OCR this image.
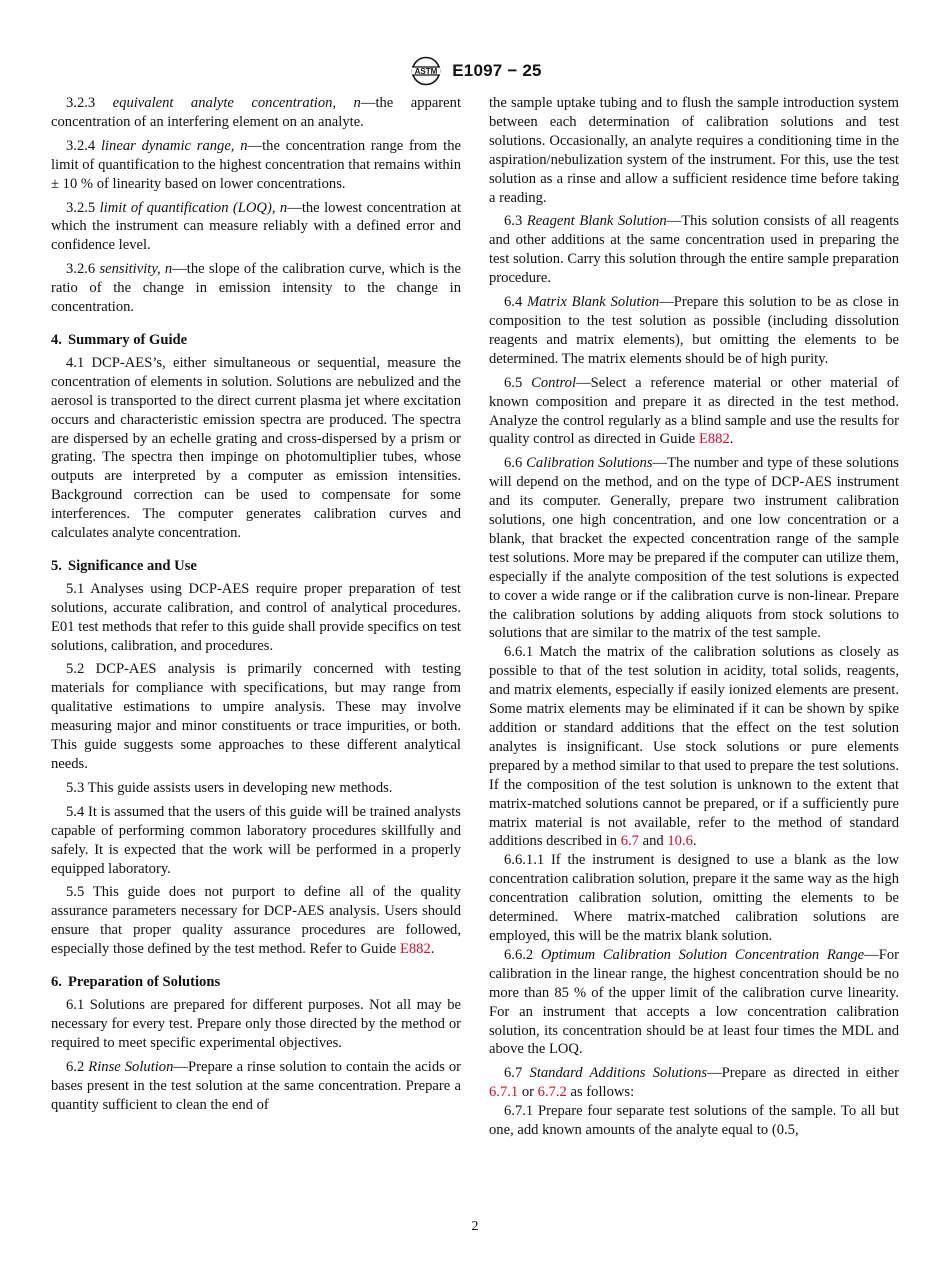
ASTM E1097 − 25

3.2.3 equivalent analyte concentration, n—the apparent concentration of an interfering element on an analyte.

3.2.4 linear dynamic range, n—the concentration range from the limit of quantification to the highest concentration that remains within ± 10 % of linearity based on lower concentrations.

3.2.5 limit of quantification (LOQ), n—the lowest concentration at which the instrument can measure reliably with a defined error and confidence level.

3.2.6 sensitivity, n—the slope of the calibration curve, which is the ratio of the change in emission intensity to the change in concentration.

4. Summary of Guide

4.1 DCP-AES’s, either simultaneous or sequential, measure the concentration of elements in solution. Solutions are nebulized and the aerosol is transported to the direct current plasma jet where excitation occurs and characteristic emission spectra are produced. The spectra are dispersed by an echelle grating and cross-dispersed by a prism or grating. The spectra then impinge on photomultiplier tubes, whose outputs are interpreted by a computer as emission intensities. Background correction can be used to compensate for some interferences. The computer generates calibration curves and calculates analyte concentration.

5. Significance and Use

5.1 Analyses using DCP-AES require proper preparation of test solutions, accurate calibration, and control of analytical procedures. E01 test methods that refer to this guide shall provide specifics on test solutions, calibration, and procedures.

5.2 DCP-AES analysis is primarily concerned with testing materials for compliance with specifications, but may range from qualitative estimations to umpire analysis. These may involve measuring major and minor constituents or trace impurities, or both. This guide suggests some approaches to these different analytical needs.

5.3 This guide assists users in developing new methods.

5.4 It is assumed that the users of this guide will be trained analysts capable of performing common laboratory procedures skillfully and safely. It is expected that the work will be performed in a properly equipped laboratory.

5.5 This guide does not purport to define all of the quality assurance parameters necessary for DCP-AES analysis. Users should ensure that proper quality assurance procedures are followed, especially those defined by the test method. Refer to Guide E882.

6. Preparation of Solutions

6.1 Solutions are prepared for different purposes. Not all may be necessary for every test. Prepare only those directed by the method or required to meet specific experimental objectives.

6.2 Rinse Solution—Prepare a rinse solution to contain the acids or bases present in the test solution at the same concentration. Prepare a quantity sufficient to clean the end of

the sample uptake tubing and to flush the sample introduction system between each determination of calibration solutions and test solutions. Occasionally, an analyte requires a conditioning time in the aspiration/nebulization system of the instrument. For this, use the test solution as a rinse and allow a sufficient residence time before taking a reading.

6.3 Reagent Blank Solution—This solution consists of all reagents and other additions at the same concentration used in preparing the test solution. Carry this solution through the entire sample preparation procedure.

6.4 Matrix Blank Solution—Prepare this solution to be as close in composition to the test solution as possible (including dissolution reagents and matrix elements), but omitting the elements to be determined. The matrix elements should be of high purity.

6.5 Control—Select a reference material or other material of known composition and prepare it as directed in the test method. Analyze the control regularly as a blind sample and use the results for quality control as directed in Guide E882.

6.6 Calibration Solutions—The number and type of these solutions will depend on the method, and on the type of DCP-AES instrument and its computer. Generally, prepare two instrument calibration solutions, one high concentration, and one low concentration or a blank, that bracket the expected concentration range of the sample test solutions. More may be prepared if the computer can utilize them, especially if the analyte composition of the test solutions is expected to cover a wide range or if the calibration curve is non-linear. Prepare the calibration solutions by adding aliquots from stock solutions to solutions that are similar to the matrix of the test sample.

6.6.1 Match the matrix of the calibration solutions as closely as possible to that of the test solution in acidity, total solids, reagents, and matrix elements, especially if easily ionized elements are present. Some matrix elements may be eliminated if it can be shown by spike addition or standard additions that the effect on the test solution analytes is insignificant. Use stock solutions or pure elements prepared by a method similar to that used to prepare the test solutions. If the composition of the test solution is unknown to the extent that matrix-matched solutions cannot be prepared, or if a sufficiently pure matrix material is not available, refer to the method of standard additions described in 6.7 and 10.6.

6.6.1.1 If the instrument is designed to use a blank as the low concentration calibration solution, prepare it the same way as the high concentration calibration solution, omitting the elements to be determined. Where matrix-matched calibration solutions are employed, this will be the matrix blank solution.

6.6.2 Optimum Calibration Solution Concentration Range—For calibration in the linear range, the highest concentration should be no more than 85 % of the upper limit of the calibration curve linearity. For an instrument that accepts a low concentration calibration solution, its concentration should be at least four times the MDL and above the LOQ.

6.7 Standard Additions Solutions—Prepare as directed in either 6.7.1 or 6.7.2 as follows:

6.7.1 Prepare four separate test solutions of the sample. To all but one, add known amounts of the analyte equal to (0.5,

2
